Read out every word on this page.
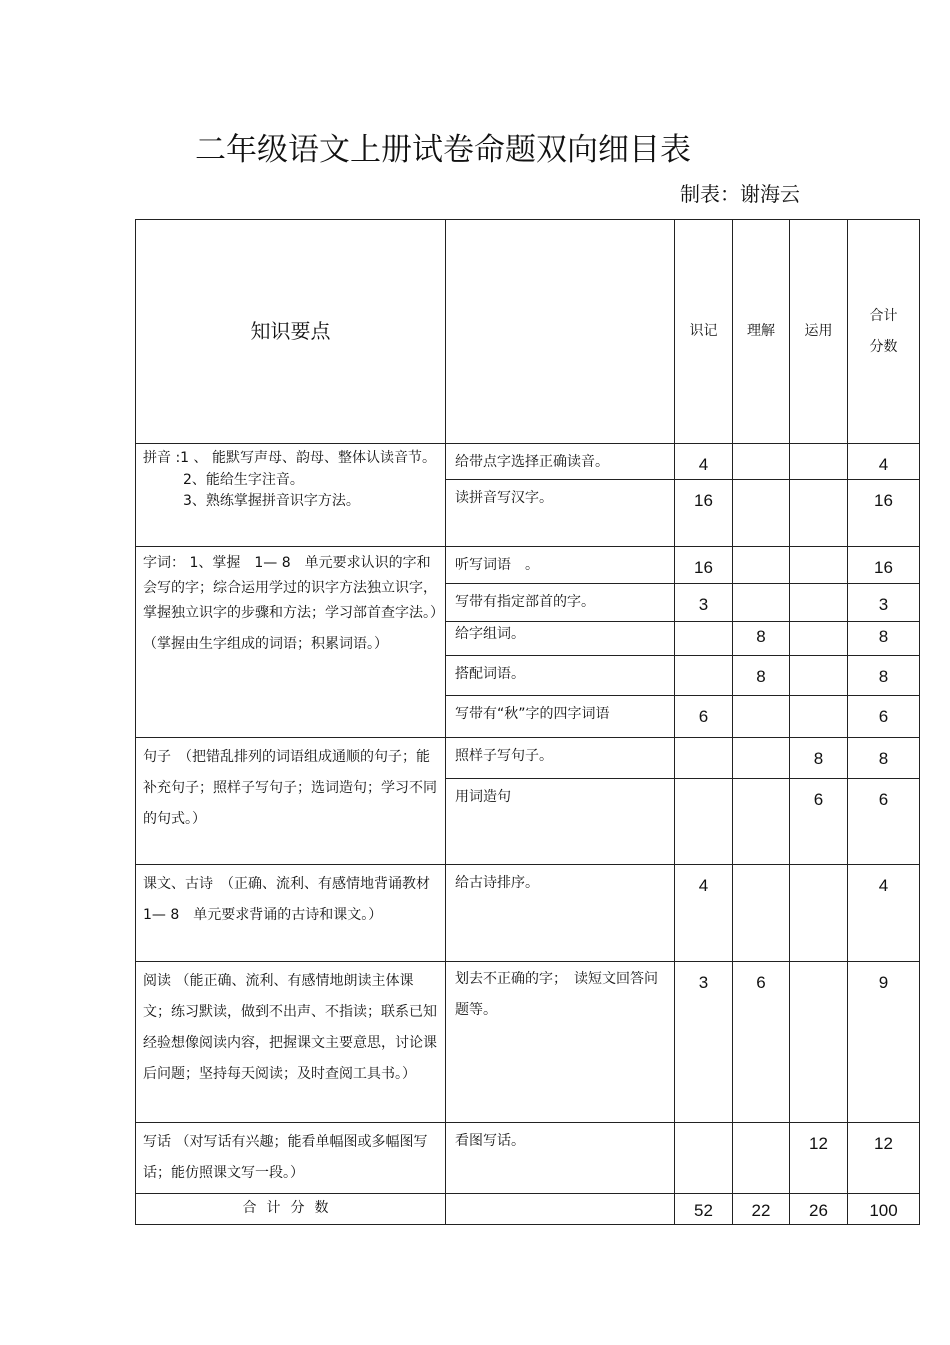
二年级语文上册试卷命题双向细目表
制表：谢海云
知识要点		识记	理解	运用	合计
分数

拼音 :1 、 能默写声母、韵母、整体认读音节。
2、能给生字注音。
3、熟练掌握拼音识字方法。	给带点字选择正确读音。	4			4
	读拼音写汉字。	16			16

字词： 1、掌握　1— 8　单元要求认识的字和会写的字；综合运用学过的识字方法独立识字，掌握独立识字的步骤和方法；学习部首查字法。）
（掌握由生字组成的词语；积累词语。）	听写词语　。	16			16
	写带有指定部首的字。	3			3
	给字组词。		8		8
	搭配词语。		8		8
	写带有“秋”字的四字词语	6			6
句子　（把错乱排列的词语组成通顺的句子；能补充句子；照样子写句子；选词造句；学习不同的句式。）	照样子写句子。			8	8
	用词造句			6	6
课文、古诗　（正确、流利、有感情地背诵教材　1— 8　单元要求背诵的古诗和课文。）	给古诗排序。	4			4
阅读 （能正确、流利、有感情地朗读主体课文；练习默读，做到不出声、不指读；联系已知经验想像阅读内容，把握课文主要意思，讨论课后问题；坚持每天阅读；及时查阅工具书。）	划去不正确的字；　读短文回答问题等。	3	6		9
写话 （对写话有兴趣；能看单幅图或多幅图写话；能仿照课文写一段。）	看图写话。			12	12
合计分数		52	22	26	100
